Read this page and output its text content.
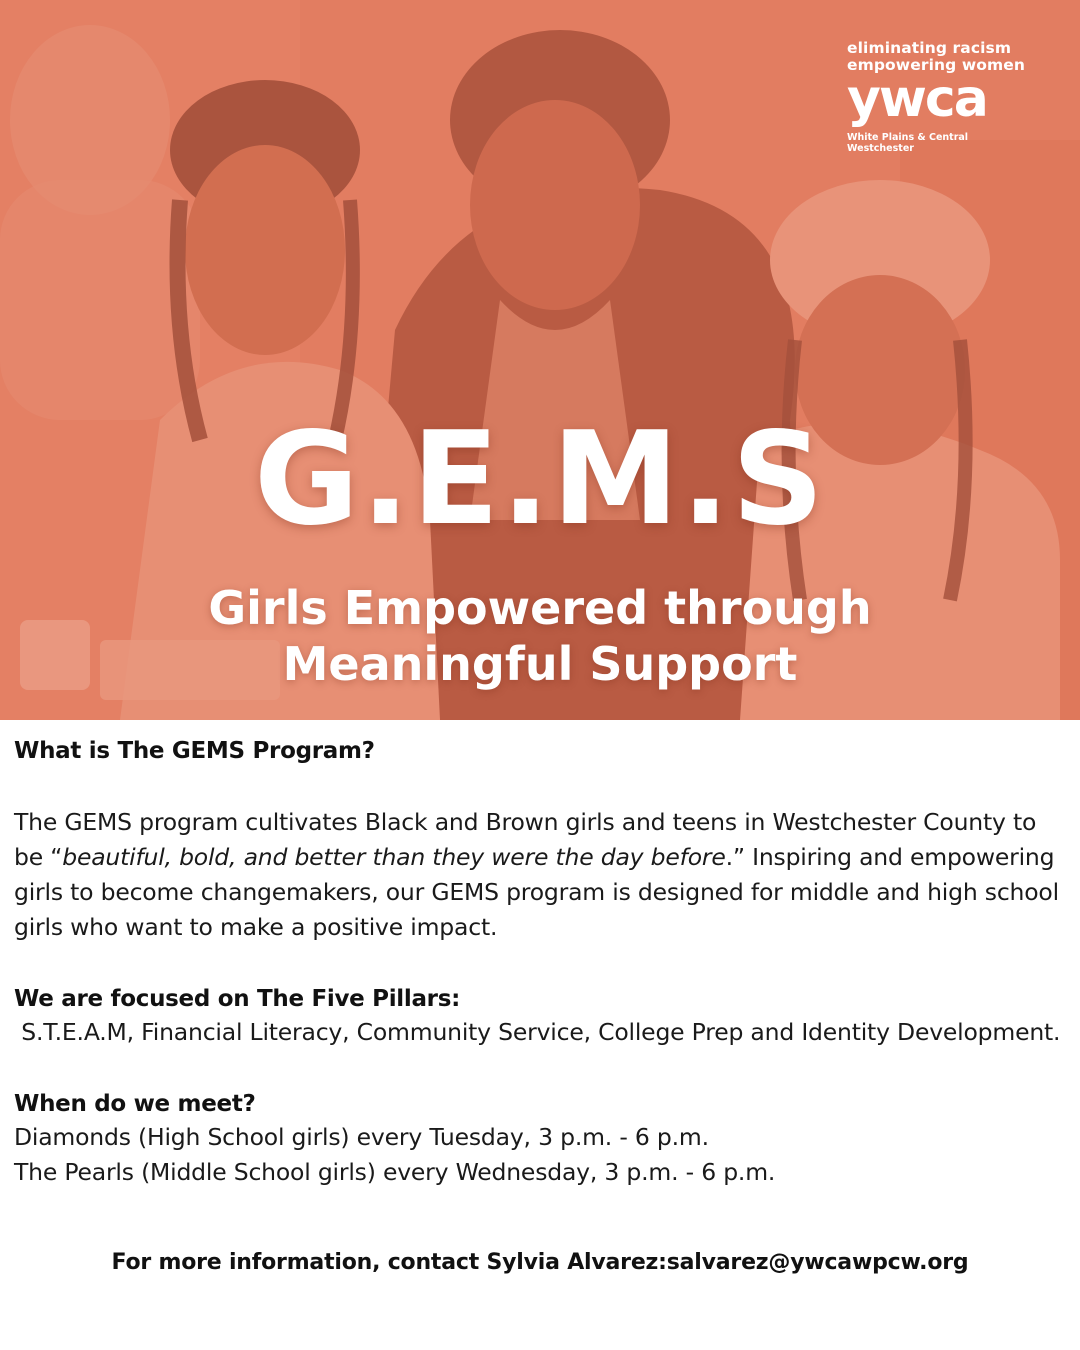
eliminating racism
empowering women
ywca
White Plains & Central Westchester
G.E.M.S
Girls Empowered through
Meaningful Support
What is The GEMS Program?
The GEMS program cultivates Black and Brown girls and teens in Westchester County to be “beautiful, bold, and better than they were the day before.” Inspiring and empowering girls to become changemakers, our GEMS program is designed for middle and high school girls who want to make a positive impact.
We are focused on The Five Pillars:
S.T.E.A.M, Financial Literacy, Community Service, College Prep and Identity Development.
When do we meet?
Diamonds (High School girls) every Tuesday, 3 p.m. - 6 p.m.
The Pearls (Middle School girls) every Wednesday, 3 p.m. - 6 p.m.
For more information, contact Sylvia Alvarez:salvarez@ywcawpcw.org
